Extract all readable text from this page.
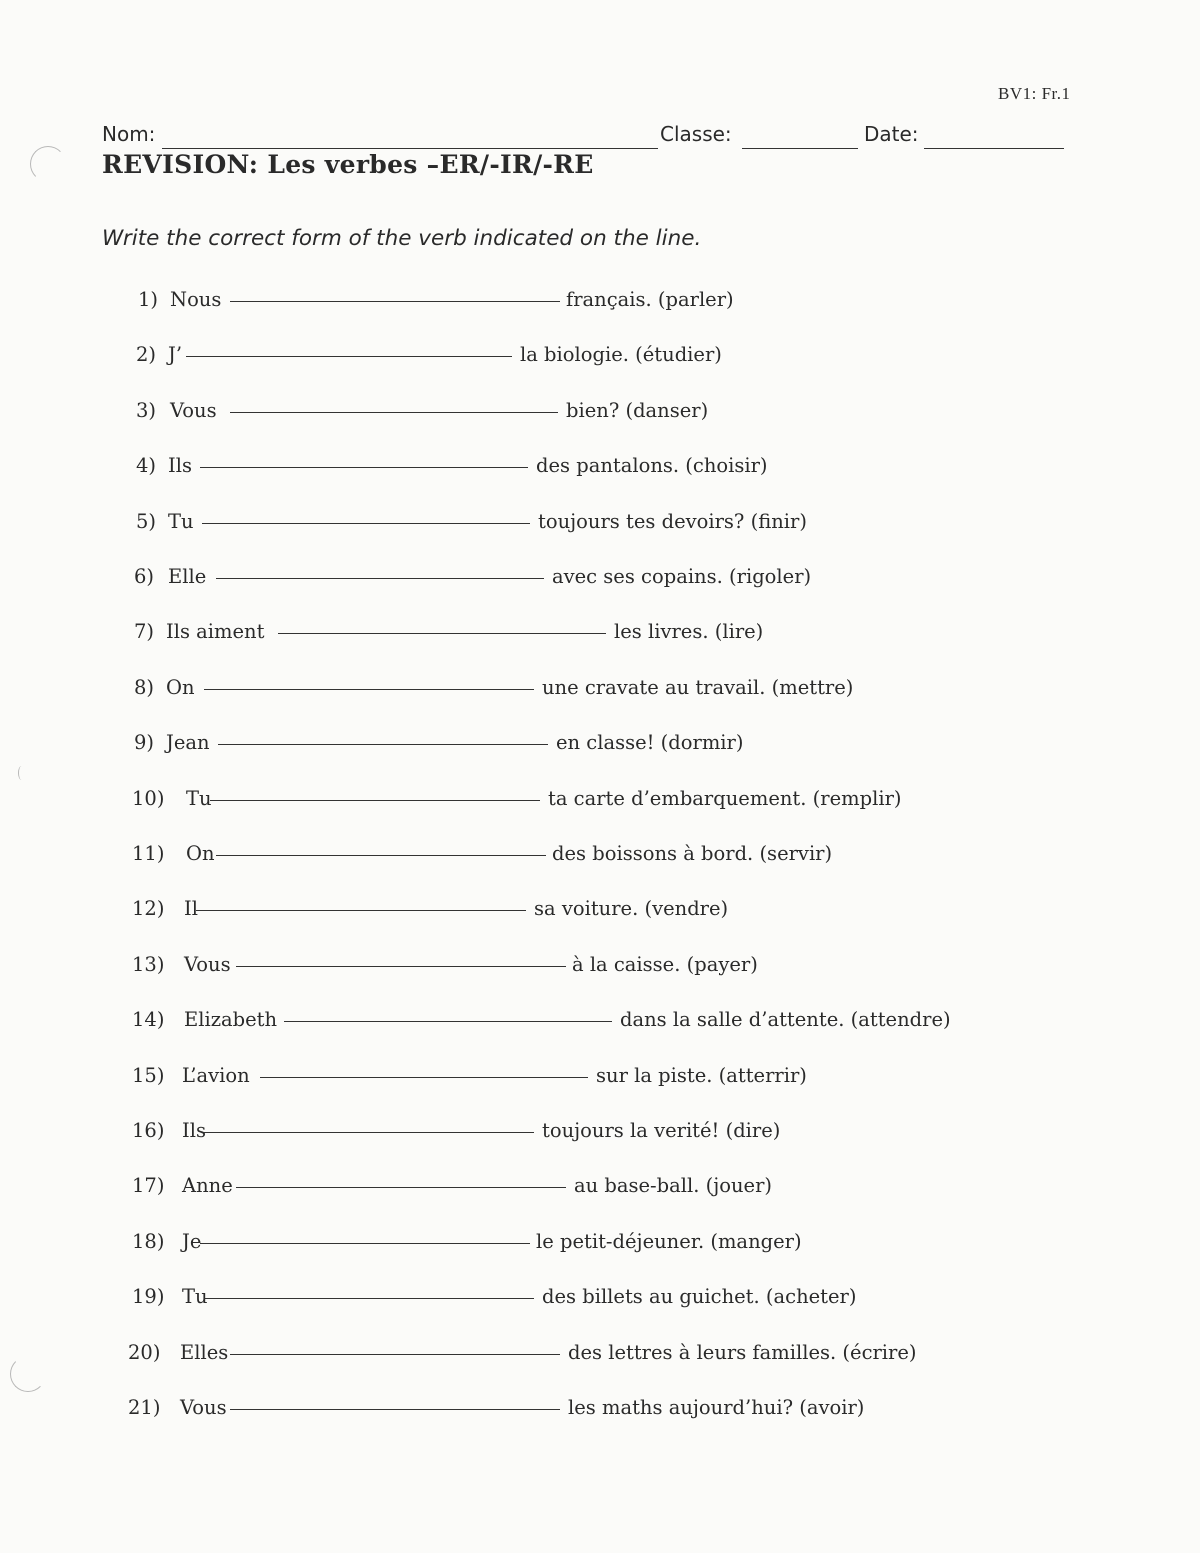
BV1: Fr.1
Nom:	Classe:	Date:
REVISION: Les verbes –ER/-IR/-RE
Write the correct form of the verb indicated on the line.
1) Nous	français. (parler)
2) J’	la biologie. (étudier)
3) Vous	bien? (danser)
4) Ils	des pantalons. (choisir)
5) Tu	toujours tes devoirs? (finir)
6) Elle	avec ses copains. (rigoler)
7) Ils aiment	les livres. (lire)
8) On	une cravate au travail. (mettre)
9) Jean	en classe! (dormir)
10) Tu	ta carte d’embarquement. (remplir)
11) On	des boissons à bord. (servir)
12) Il	sa voiture. (vendre)
13) Vous	à la caisse. (payer)
14) Elizabeth	dans la salle d’attente. (attendre)
15) L’avion	sur la piste. (atterrir)
16) Ils	toujours la verité! (dire)
17) Anne	au base-ball. (jouer)
18) Je	le petit-déjeuner. (manger)
19) Tu	des billets au guichet. (acheter)
20) Elles	des lettres à leurs familles. (écrire)
21) Vous	les maths aujourd’hui? (avoir)
